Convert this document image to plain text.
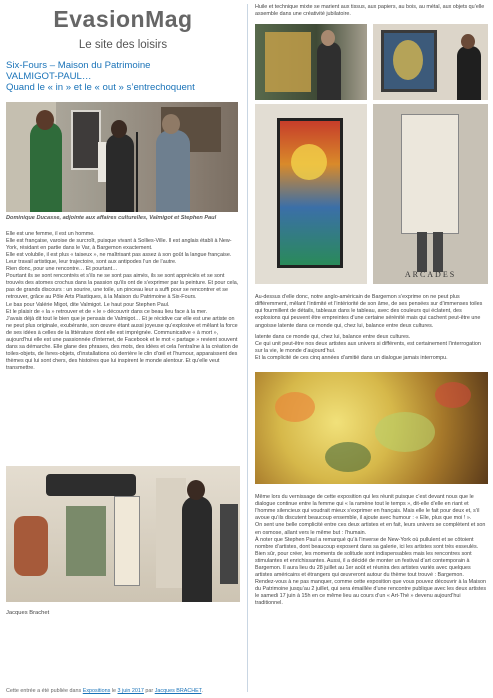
EvasionMag
Le site des loisirs
Six-Fours – Maison du Patrimoine
VALMIGOT-PAUL…
Quand le « in » et le « out » s’entrechoquent
Dominique Ducasse, adjointe aux affaires culturelles, Valmigot et Stephen Paul

Elle est une femme, il est un homme.

Elle est française, varoise de surcroît, puisque vivant à Sollies-Ville. Il est anglais établi à New-York, résidant en partie dans le Var, à Bargemon exactement.

Elle est volubile, il est plus « taiseux », ne maîtrisant pas assez à son goût la langue française.

Leur travail artistique, leur trajectoire, sont aux antipodes l’un de l’autre.

Rien donc, pour une rencontre… Et pourtant…

Pourtant ils se sont rencontrés et s’ils ne se sont pas aimés, ils se sont appréciés et se sont trouvés des atomes crochus dans la passion qu’ils ont de s’exprimer par la peinture. Et pour cela, pas de grands discours : un sourire, une toile, un pinceau leur a suffi pour se rencontrer et se retrouver, grâce au Pôle Arts Plastiques, à la Maison du Patrimoine à Six-Fours.

Le bas pour Valérie Migot, dite Valmigot. Le haut pour Stephen Paul.

Et le plaisir de « la » retrouver et de « le » découvrir dans ce beau lieu face à la mer.

J’avais déjà dit tout le bien que je pensais de Valmigot… Et je récidive car elle est une artiste on ne peut plus originale, exubérante, son œuvre étant aussi joyeuse qu’explosive et mêlant la force de ses idées à celles de la littérature dont elle est imprégnée. Communicative « à mort », aujourd’hui elle est une passionnée d’internet, de Facebook et le mot « partage » revient souvent dans sa démarche. Elle glane des phrases, des mots, des idées et cela l’entraîne à la création de toiles-objets, de livres-objets, d’installations où derrière le clin d’œil et l’humour, apparaissent des thèmes qui lui sont chers, des histoires que lui inspirent le monde alentour. Et qu’elle veut transmettre.

Jacques Brachet
Cette entrée a été publiée dans Expositions le 3 juin 2017 par Jacques BRACHET.

Huile et technique mixte se marient aux tissus, aux papiers, au bois, au métal, aux objets qu’elle assemble dans une créativité jubilatoire.

ARCADES

Au-dessus d’elle donc, notre anglo-américain de Bargemon s’exprime on ne peut plus différemment, mêlant l’intimité et l’intériorité de son âme, de ses pensées sur d’immenses toiles qui fourmillent de détails, tableaux dans le tableau, avec des couleurs qui éclatent, des explosions qui peuvent être empreintes d’une certaine sérénité mais qui cachent peut-être une angoisse latente dans ce monde qui, chez lui, balance entre deux cultures.

latente dans ce monde qui, chez lui, balance entre deux cultures.

Ce qui unit peut-être nos deux artistes aux univers si différents, est certainement l’interrogation sur la vie, le monde d’aujourd’hui.

Et la complicité de ces cinq années d’amitié dans un dialogue jamais interrompu.

Même lors du vernissage de cette exposition qui les réunit puisque c’est devant nous que le dialogue continue entre la femme qui « la ramène tout le temps », dit-elle d’elle en riant et l’homme silencieux qui voudrait mieux s’exprimer en français. Mais elle le fait pour deux et, s’il avoue qu’ils discutent beaucoup ensemble, il ajoute avec humour : « Elle, plus que moi ! ».

On sent une belle complicité entre ces deux artistes et en fait, leurs univers se complètent et son en osmose, allant vers le même but : l’humain.

À noter que Stephen Paul a remarqué qu’à l’inverse de New-York où pullulent et se côtoient nombre d’artistes, dont beaucoup exposent dans sa galerie, ici les artistes sont très esseulés. Bien sûr, pour créer, les moments de solitude sont indispensables mais les rencontres sont stimulantes et enrichissantes. Aussi, il a décidé de monter un festival d’art contemporain à Bargemon. Il aura lieu du 28 juillet au 1er août et réunira des artistes variés avec quelques artistes américains et étrangers qui œuvreront autour du thème tout trouvé : Bargemon.

Rendez-vous à ne pas manquer, comme cette exposition que vous pouvez découvrir à la Maison du Patrimoine jusqu’au 2 juillet, qui sera émaillée d’une rencontre publique avec les deux artistes le samedi 17 juin à 15h en ce même lieu au cours d’un « Art-Thé » devenu aujourd’hui traditionnel.
